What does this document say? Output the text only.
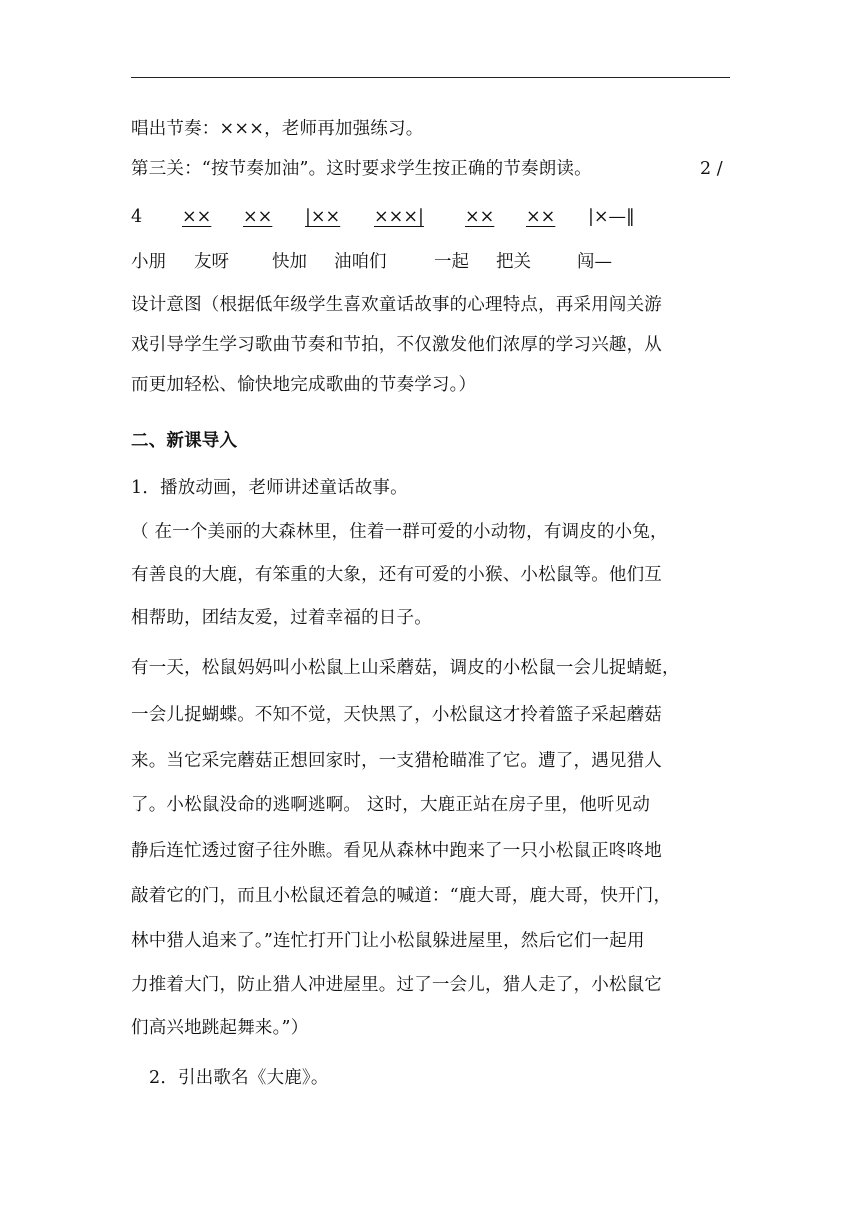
唱出节奏：×××，老师再加强练习。
第三关：“按节奏加油”。这时要求学生按正确的节奏朗读。	2 /
4 ×× ×× |×× ×××| ×× ×× |×—‖
小朋 友呀 快加 油咱们	一起 把关	闯—
设计意图（根据低年级学生喜欢童话故事的心理特点，再采用闯关游
戏引导学生学习歌曲节奏和节拍，不仅激发他们浓厚的学习兴趣，从
而更加轻松、愉快地完成歌曲的节奏学习。）
二、新课导入
1．播放动画，老师讲述童话故事。
（ 在一个美丽的大森林里，住着一群可爱的小动物，有调皮的小兔，
有善良的大鹿，有笨重的大象，还有可爱的小猴、小松鼠等。他们互
相帮助，团结友爱，过着幸福的日子。
有一天，松鼠妈妈叫小松鼠上山采蘑菇，调皮的小松鼠一会儿捉蜻蜓，
一会儿捉蝴蝶。不知不觉，天快黑了，小松鼠这才拎着篮子采起蘑菇
来。当它采完蘑菇正想回家时，一支猎枪瞄准了它。遭了，遇见猎人
了。小松鼠没命的逃啊逃啊。 这时，大鹿正站在房子里，他听见动
静后连忙透过窗子往外瞧。看见从森林中跑来了一只小松鼠正咚咚地
敲着它的门，而且小松鼠还着急的喊道：“鹿大哥，鹿大哥，快开门，
林中猎人追来了。”连忙打开门让小松鼠躲进屋里，然后它们一起用
力推着大门，防止猎人冲进屋里。过了一会儿，猎人走了，小松鼠它
们高兴地跳起舞来。”）
2．引出歌名《大鹿》。
